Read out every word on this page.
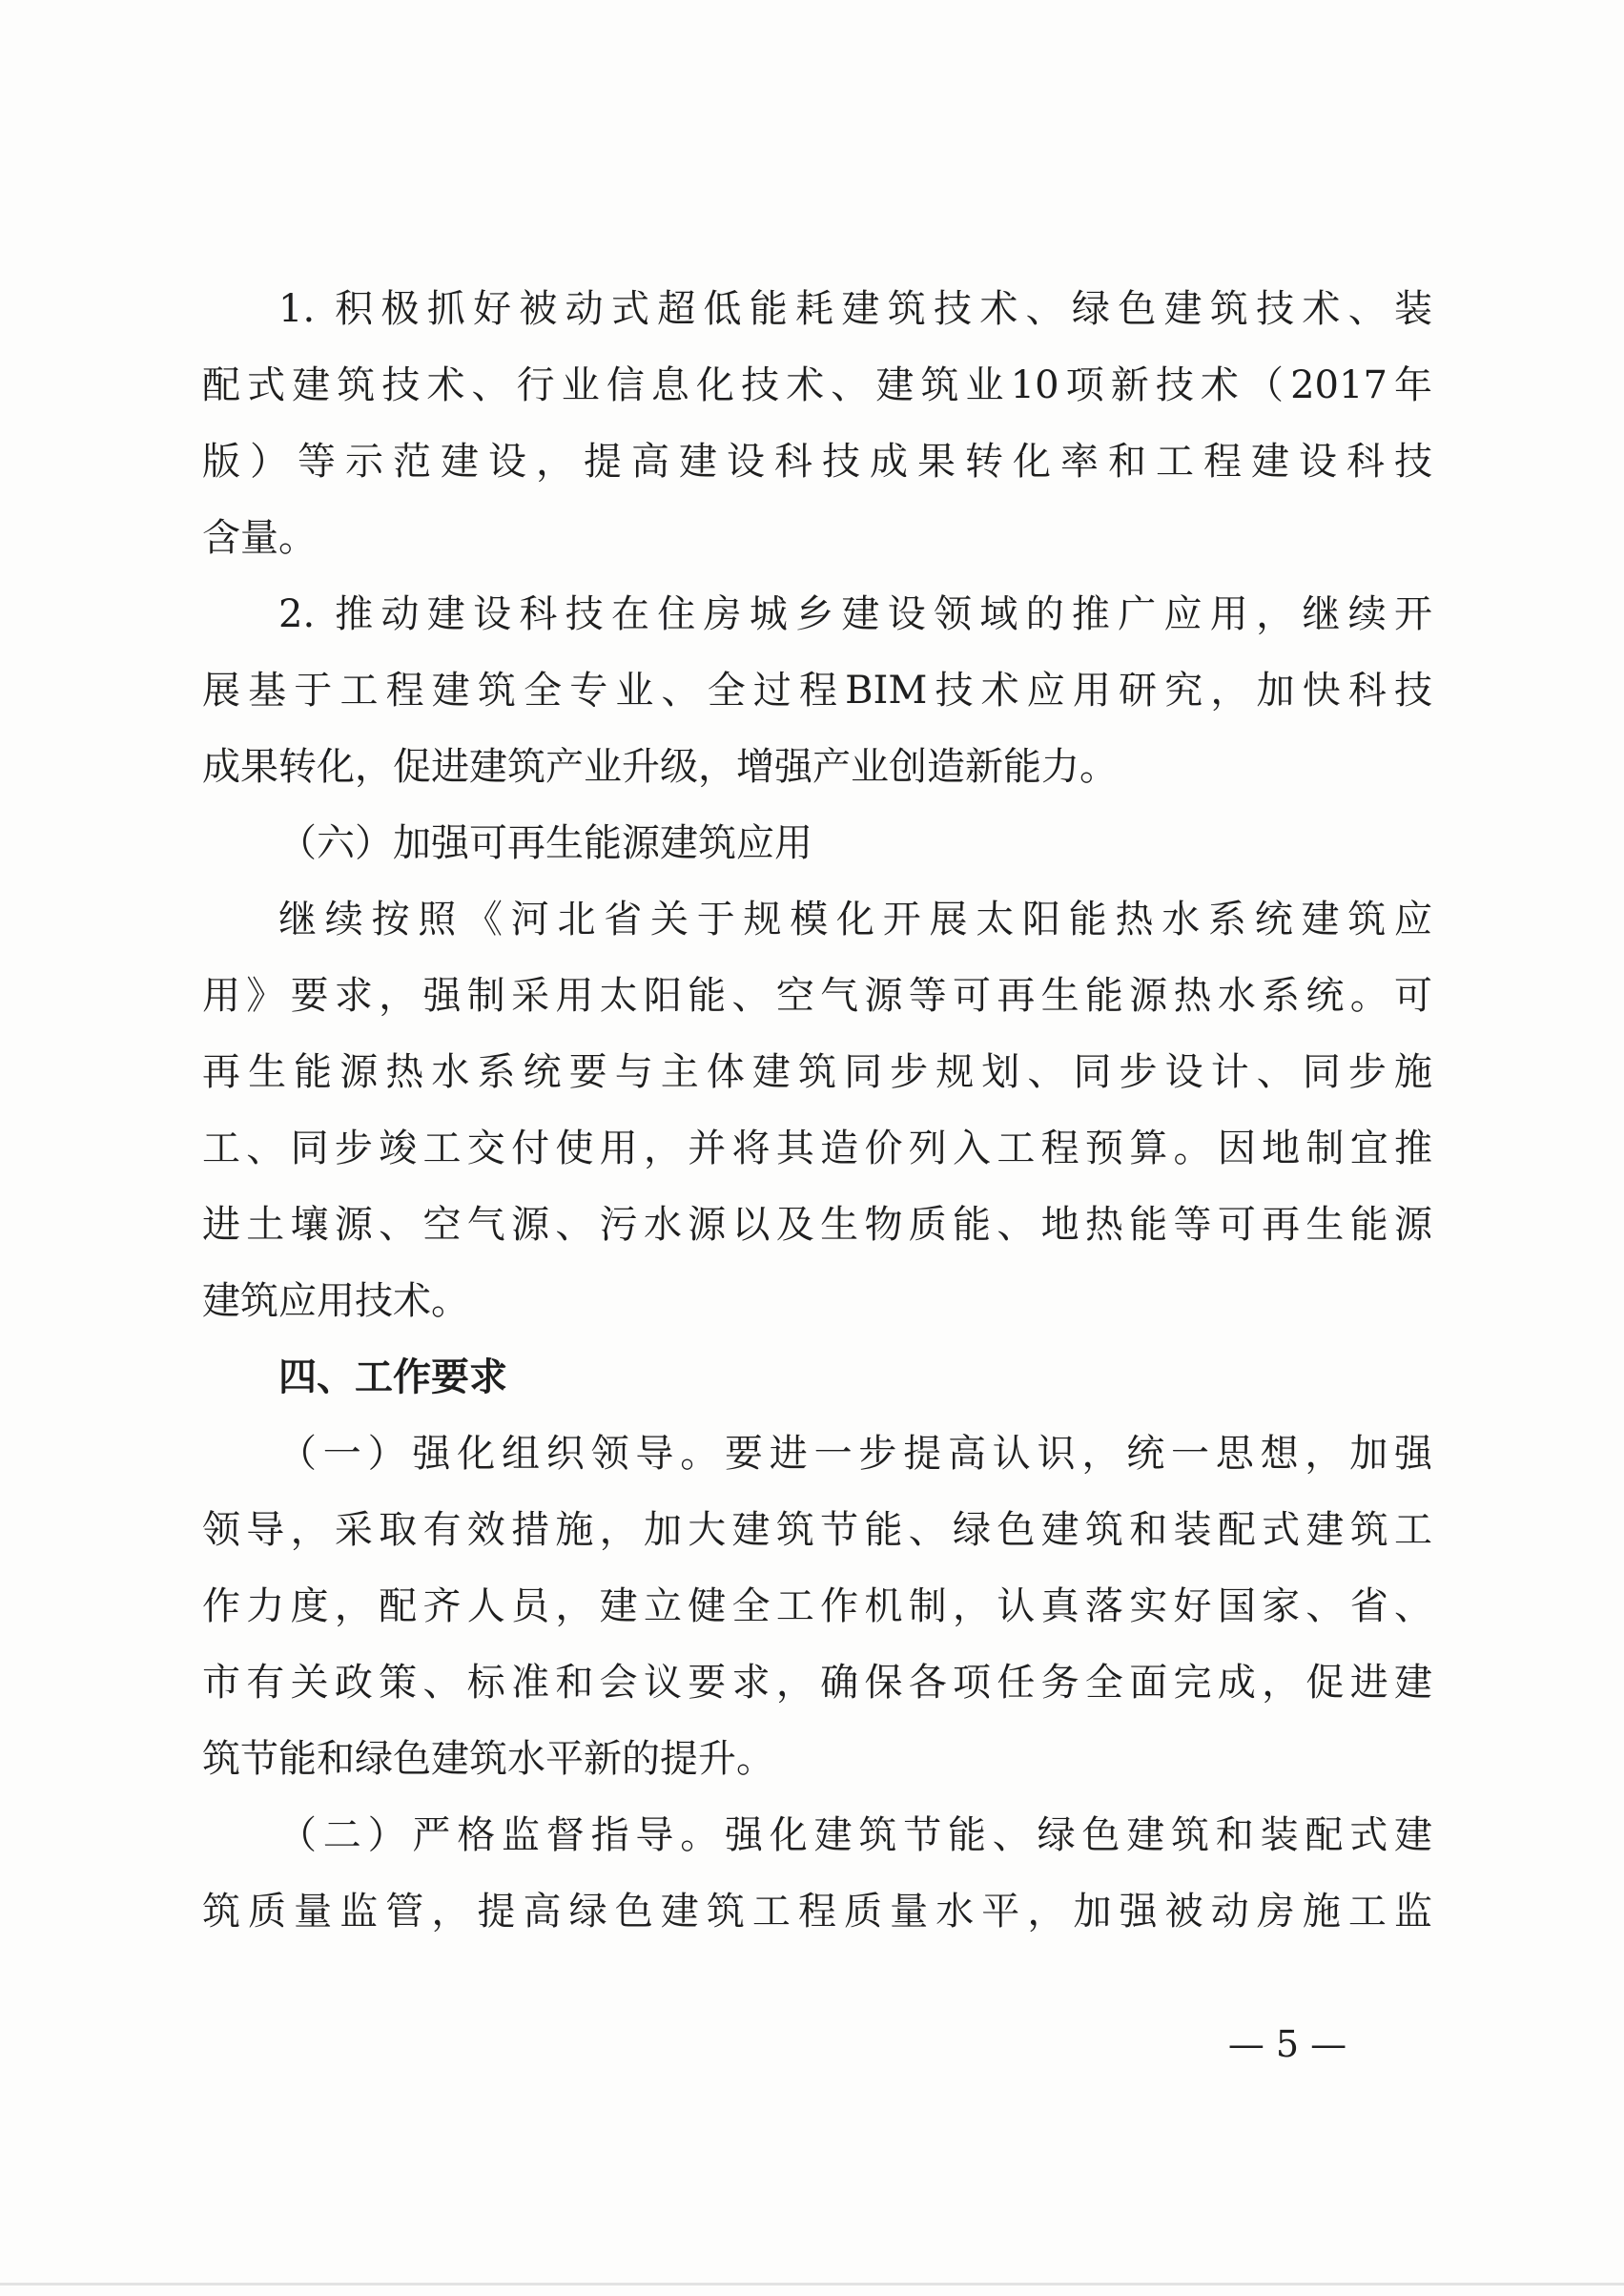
1. 积极抓好被动式超低能耗建筑技术、绿色建筑技术、装
配式建筑技术、行业信息化技术、建筑业10项新技术（2017年
版）等示范建设，提高建设科技成果转化率和工程建设科技
含量。
2. 推动建设科技在住房城乡建设领域的推广应用，继续开
展基于工程建筑全专业、全过程BIM技术应用研究，加快科技
成果转化，促进建筑产业升级，增强产业创造新能力。
（六）加强可再生能源建筑应用
继续按照《河北省关于规模化开展太阳能热水系统建筑应
用》要求，强制采用太阳能、空气源等可再生能源热水系统。可
再生能源热水系统要与主体建筑同步规划、同步设计、同步施
工、同步竣工交付使用，并将其造价列入工程预算。因地制宜推
进土壤源、空气源、污水源以及生物质能、地热能等可再生能源
建筑应用技术。
四、工作要求
（一）强化组织领导。要进一步提高认识，统一思想，加强
领导，采取有效措施，加大建筑节能、绿色建筑和装配式建筑工
作力度，配齐人员，建立健全工作机制，认真落实好国家、省、
市有关政策、标准和会议要求，确保各项任务全面完成，促进建
筑节能和绿色建筑水平新的提升。
（二）严格监督指导。强化建筑节能、绿色建筑和装配式建
筑质量监管，提高绿色建筑工程质量水平，加强被动房施工监
— 5 —
